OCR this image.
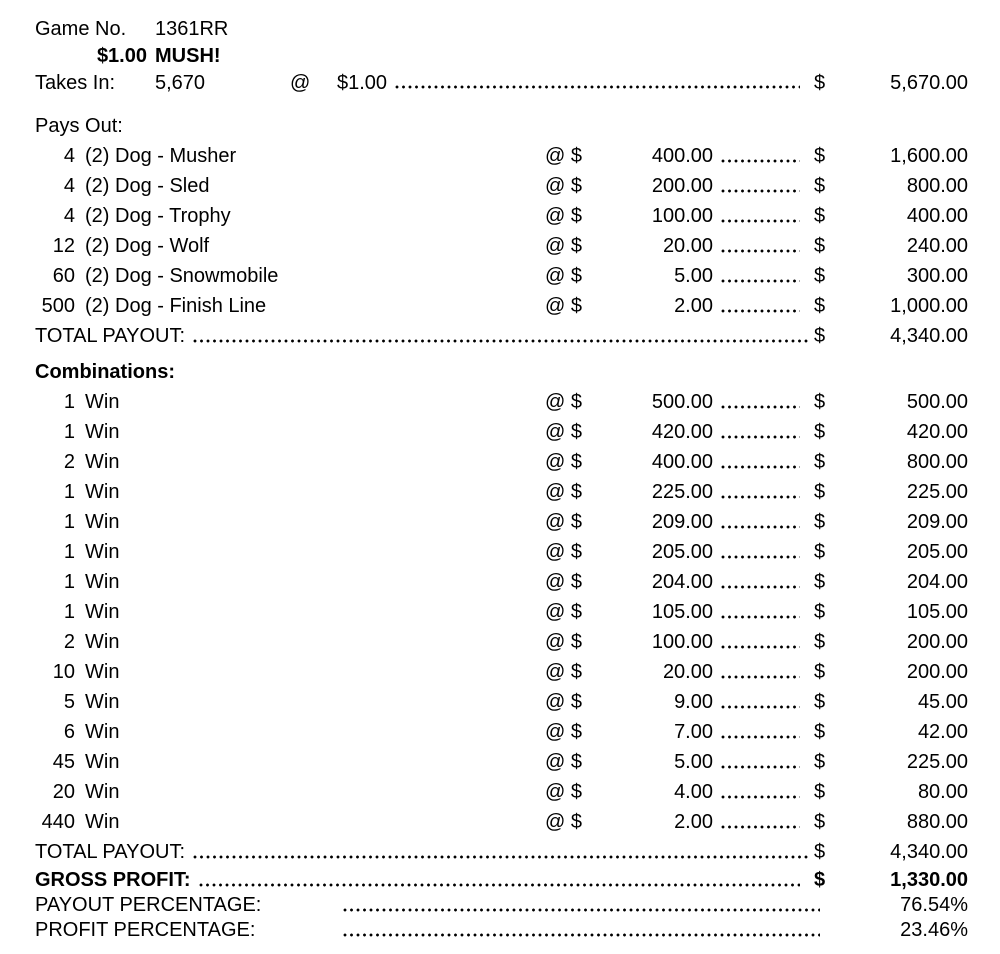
Game No.	1361RR
$1.00 MUSH!
Takes In:	5,670	@	$1.00	$	5,670.00
Pays Out:
4 (2) Dog - Musher	@ $	400.00	$	1,600.00
4 (2) Dog - Sled	@ $	200.00	$	800.00
4 (2) Dog - Trophy	@ $	100.00	$	400.00
12 (2) Dog - Wolf	@ $	20.00	$	240.00
60 (2) Dog - Snowmobile	@ $	5.00	$	300.00
500 (2) Dog - Finish Line	@ $	2.00	$	1,000.00
TOTAL PAYOUT:	$	4,340.00
Combinations:
1 Win	@ $	500.00	$	500.00
1 Win	@ $	420.00	$	420.00
2 Win	@ $	400.00	$	800.00
1 Win	@ $	225.00	$	225.00
1 Win	@ $	209.00	$	209.00
1 Win	@ $	205.00	$	205.00
1 Win	@ $	204.00	$	204.00
1 Win	@ $	105.00	$	105.00
2 Win	@ $	100.00	$	200.00
10 Win	@ $	20.00	$	200.00
5 Win	@ $	9.00	$	45.00
6 Win	@ $	7.00	$	42.00
45 Win	@ $	5.00	$	225.00
20 Win	@ $	4.00	$	80.00
440 Win	@ $	2.00	$	880.00
TOTAL PAYOUT:	$	4,340.00
GROSS PROFIT:	$	1,330.00
PAYOUT PERCENTAGE:	76.54%
PROFIT PERCENTAGE:	23.46%
